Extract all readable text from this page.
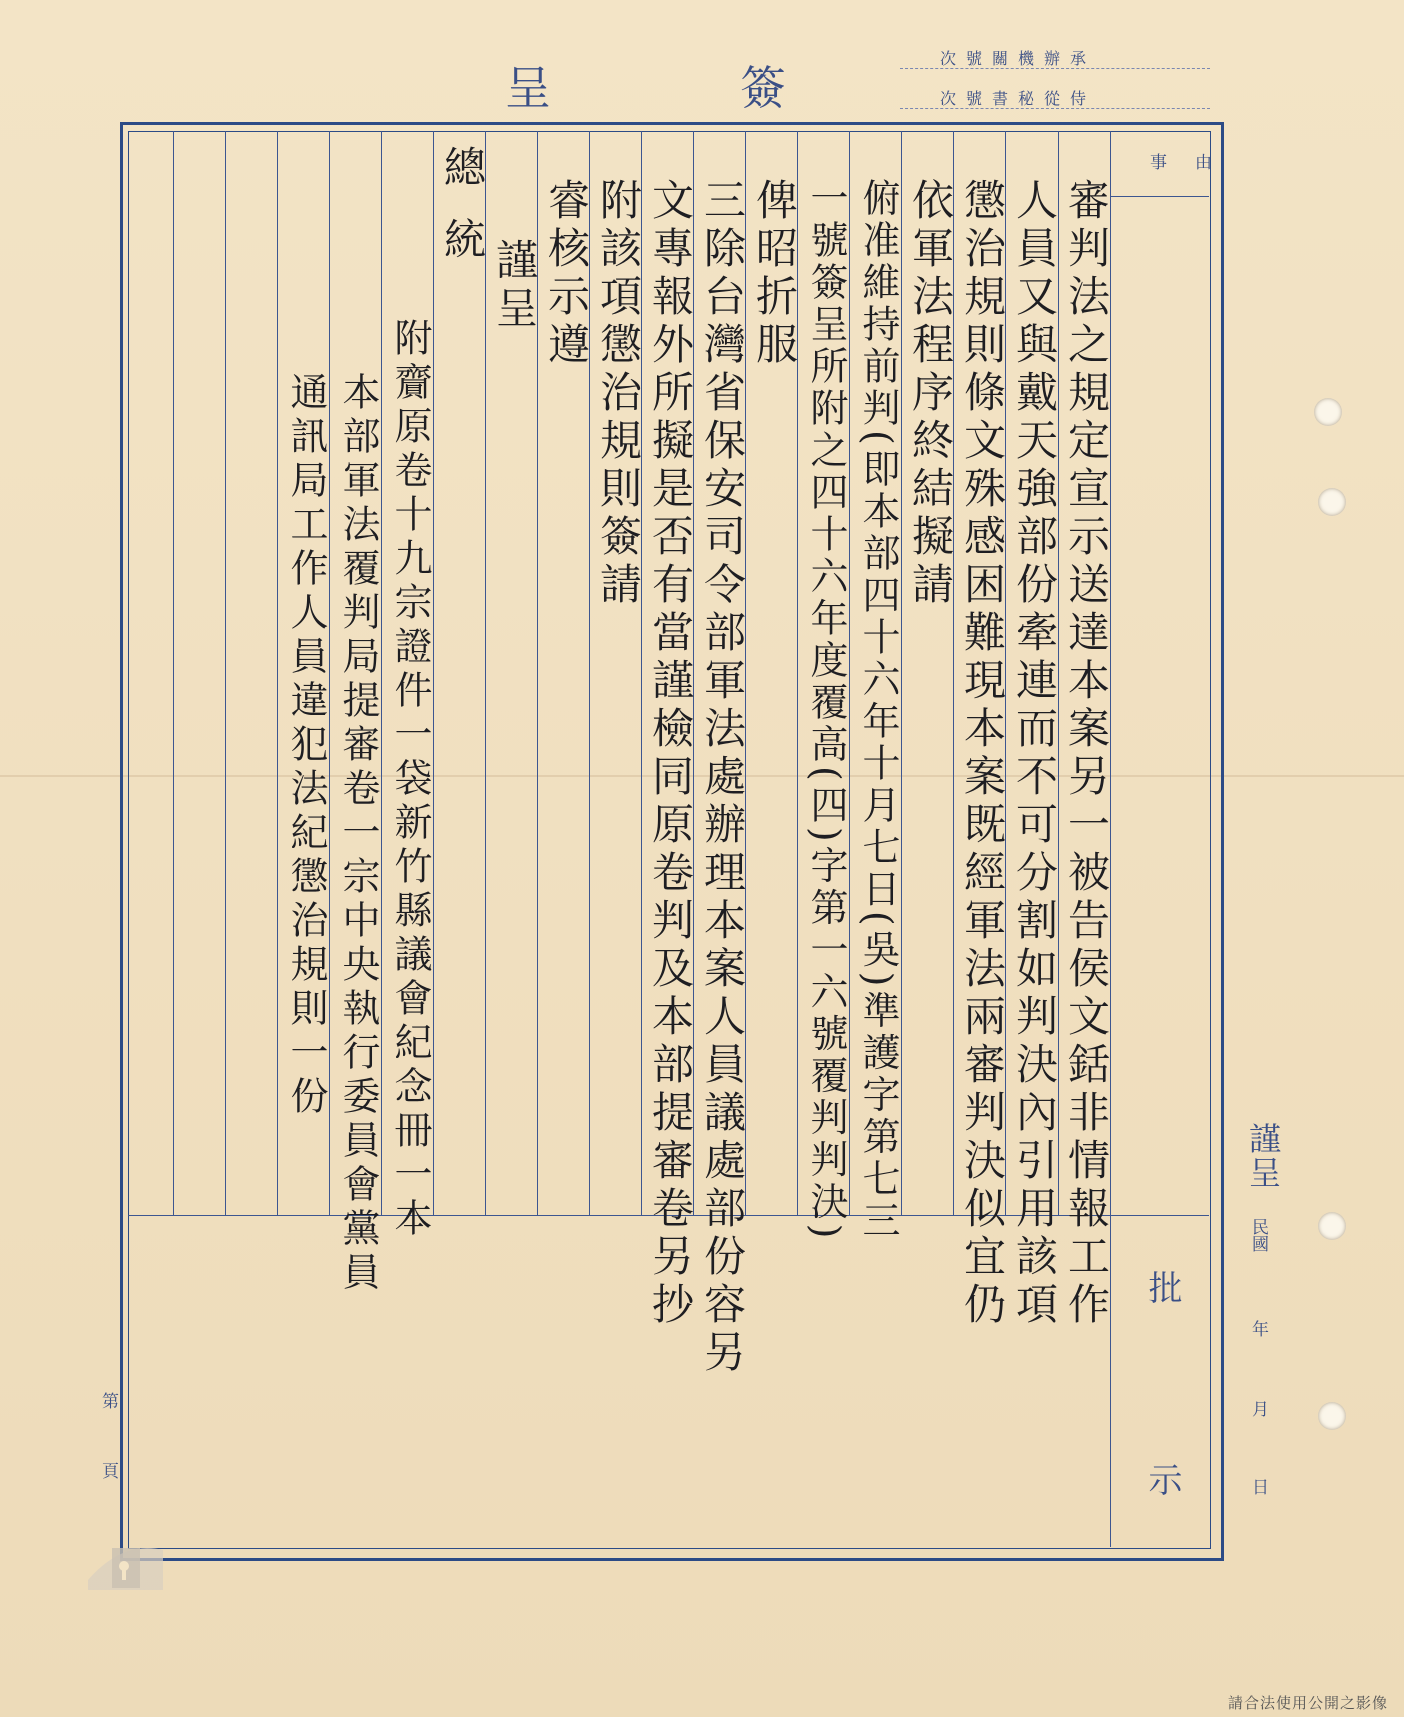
呈	簽
次號關機辦承
次號書秘從侍
事由
審判法之規定宣示送達本案另一被告侯文銛非情報工作
人員又與戴天強部份牽連而不可分割如判決內引用該項
懲治規則條文殊感困難現本案既經軍法兩審判決似宜仍
依軍法程序終結擬請
俯准維持前判(即本部四十六年十月七日(吳)準護字第七三
一號簽呈所附之四十六年度覆高(四)字第一六號覆判判決)
俾昭折服
三除台灣省保安司令部軍法處辦理本案人員議處部份容另
文專報外所擬是否有當謹檢同原卷判及本部提審卷另抄
附該項懲治規則簽請
睿核示遵
謹呈
總統
附齎原卷十九宗證件一袋新竹縣議會紀念冊一本
本部軍法覆判局提審卷一宗中央執行委員會黨員
通訊局工作人員違犯法紀懲治規則一份
謹呈
民國
年
月
日
批
示
第
頁
請合法使用公開之影像
